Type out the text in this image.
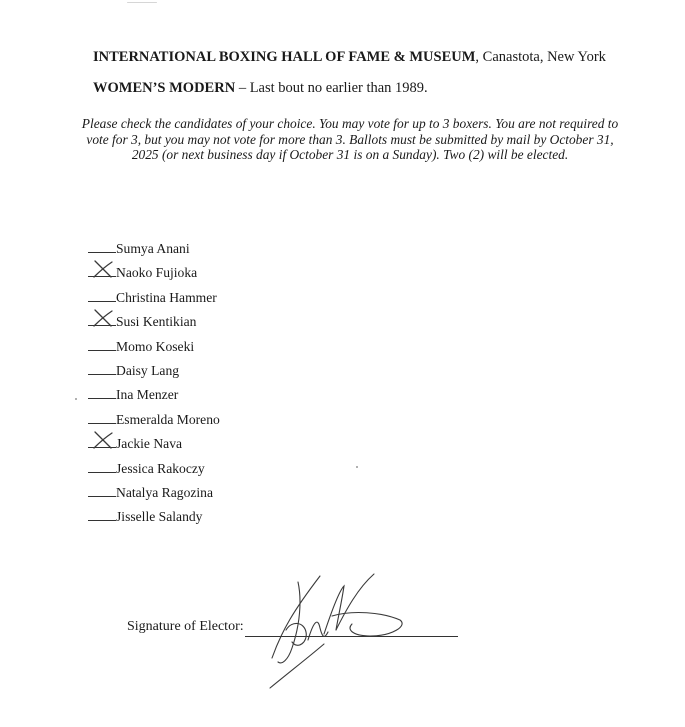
INTERNATIONAL BOXING HALL OF FAME & MUSEUM, Canastota, New York
WOMEN’S MODERN – Last bout no earlier than 1989.
Please check the candidates of your choice. You may vote for up to 3 boxers. You are not required to vote for 3, but you may not vote for more than 3. Ballots must be submitted by mail by October 31, 2025 (or next business day if October 31 is on a Sunday). Two (2) will be elected.
Sumya Anani
Naoko Fujioka
Christina Hammer
Susi Kentikian
Momo Koseki
Daisy Lang
Ina Menzer
Esmeralda Moreno
Jackie Nava
Jessica Rakoczy
Natalya Ragozina
Jisselle Salandy
Signature of Elector:
